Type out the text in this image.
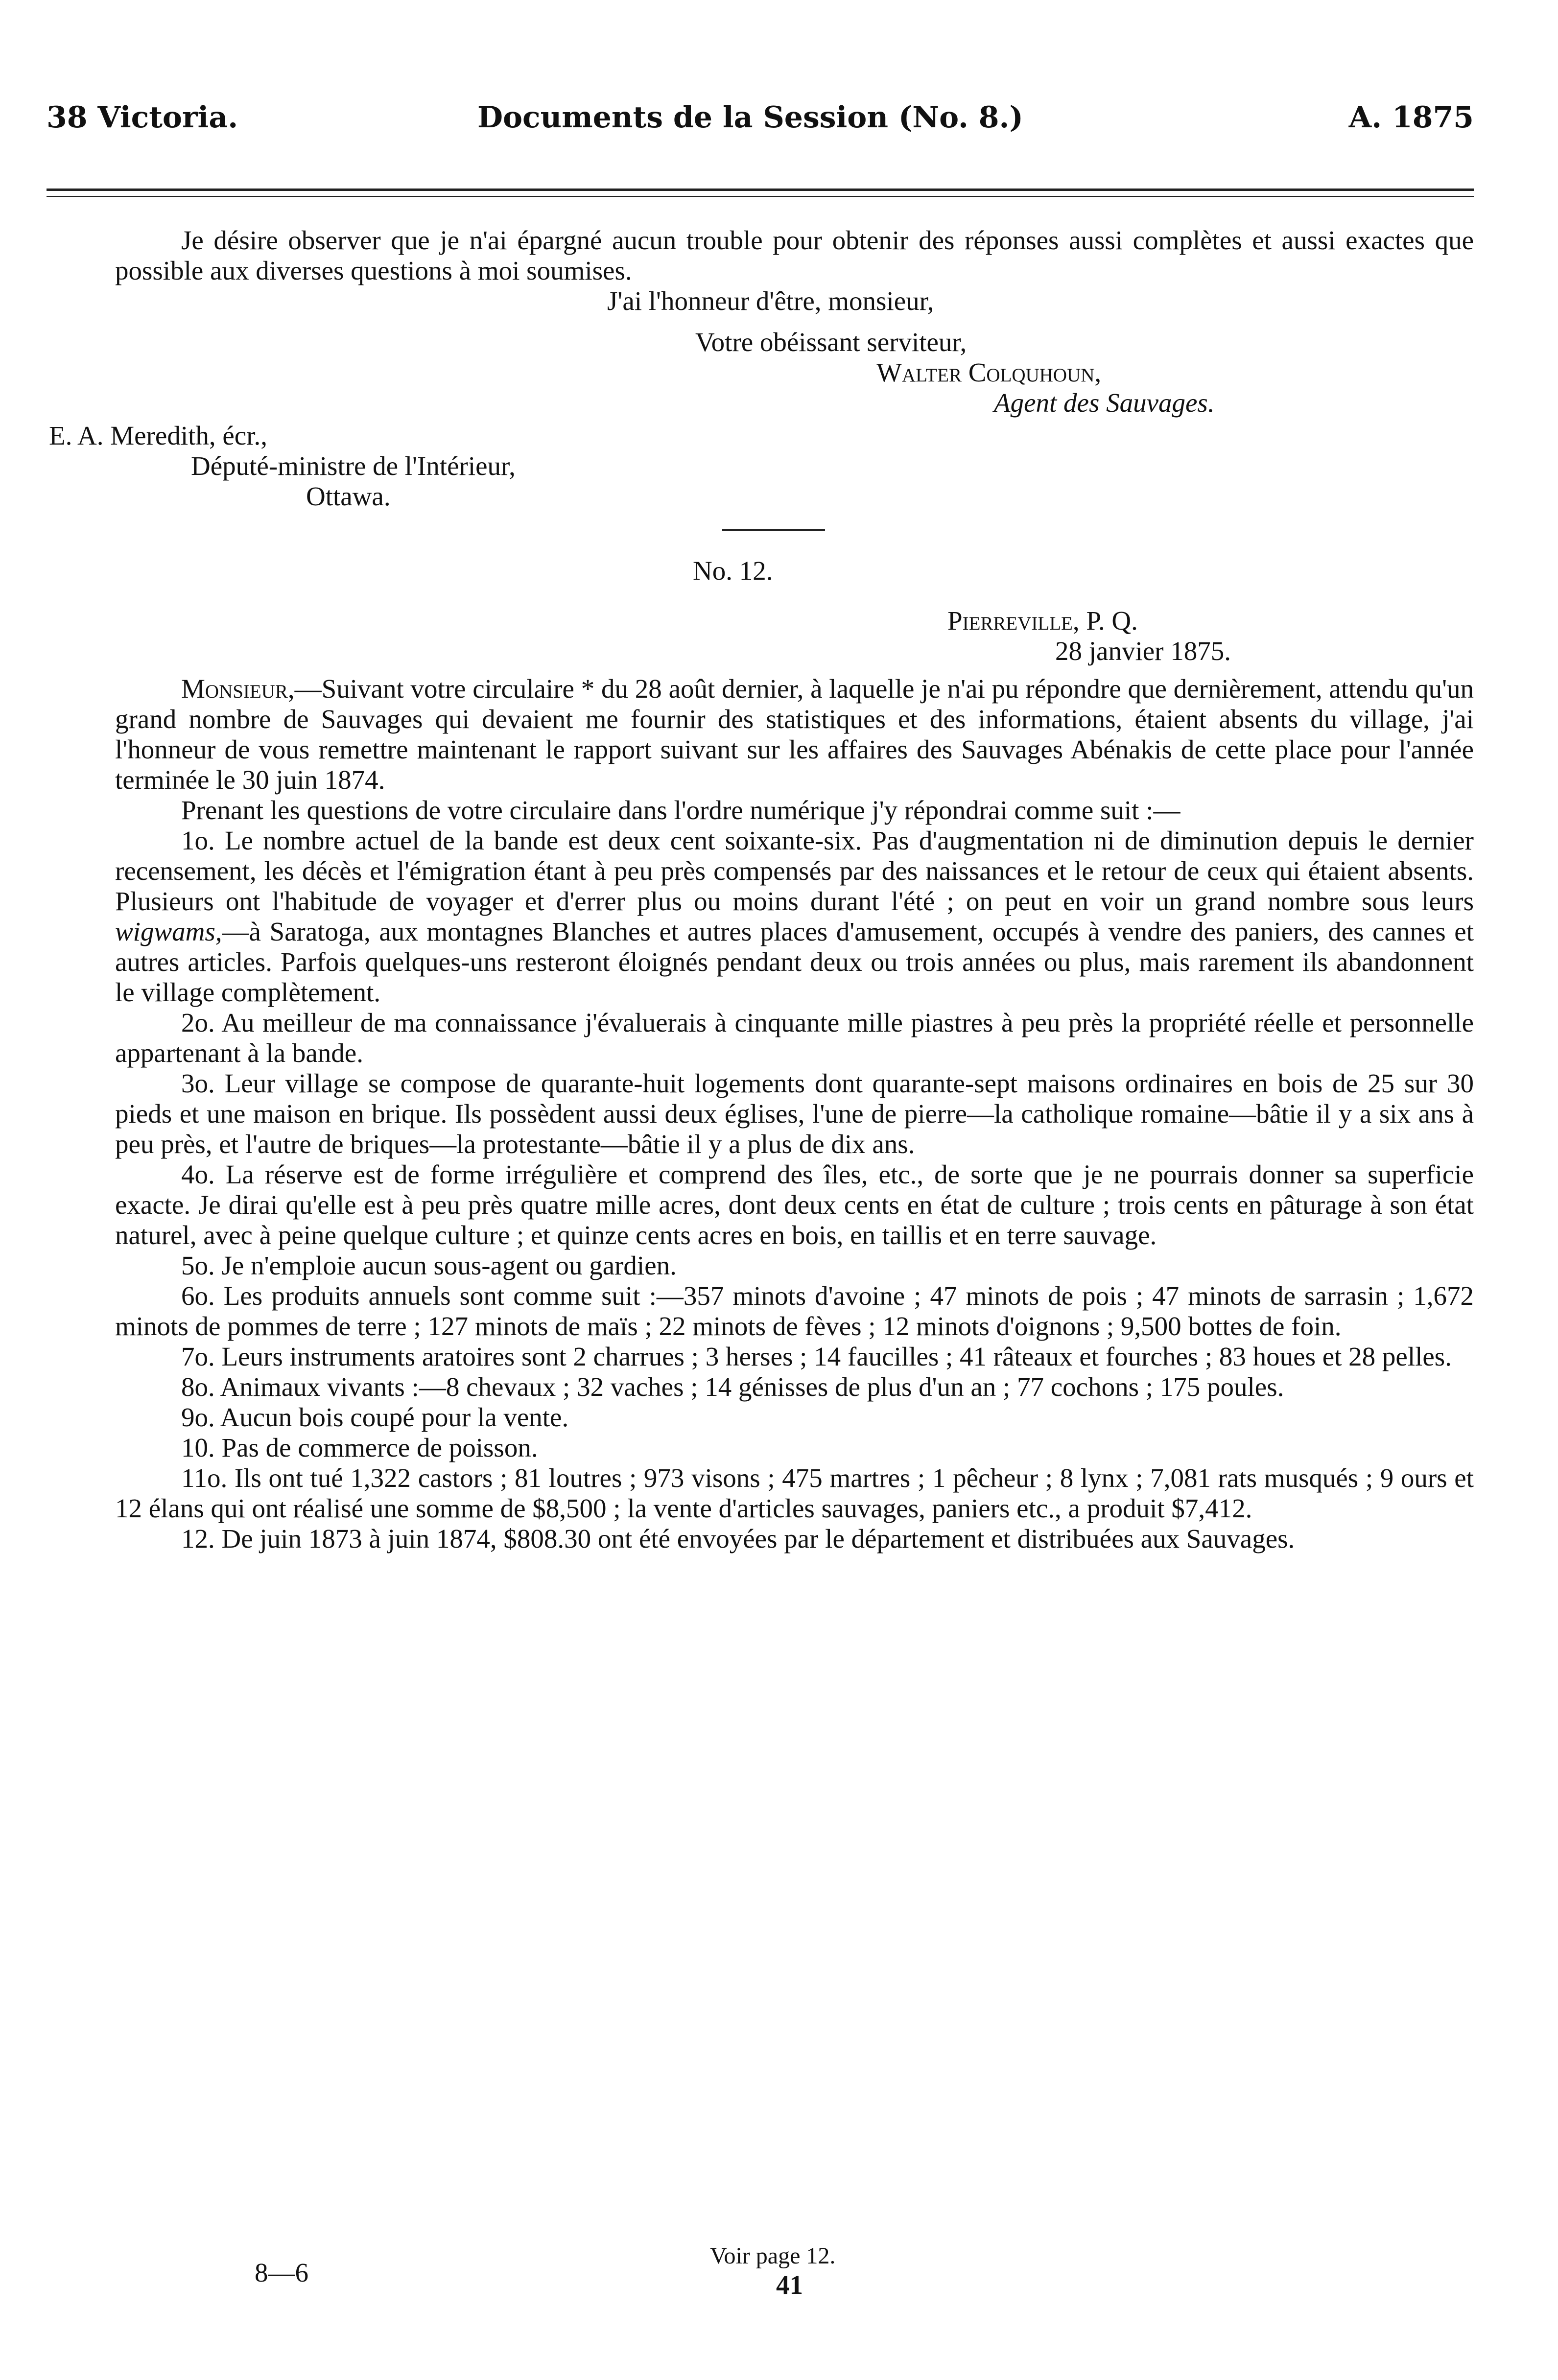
38 Victoria.	Documents de la Session (No. 8.)	A. 1875

Je désire observer que je n'ai épargné aucun trouble pour obtenir des réponses aussi complètes et aussi exactes que possible aux diverses questions à moi soumises.

J'ai l'honneur d'être, monsieur,

Votre obéissant serviteur,

Walter Colquhoun,

Agent des Sauvages.

E. A. Meredith, écr.,

Député-ministre de l'Intérieur,

Ottawa.

No. 12.

Pierreville, P. Q.

28 janvier 1875.

Monsieur,—Suivant votre circulaire * du 28 août dernier, à laquelle je n'ai pu répondre que dernièrement, attendu qu'un grand nombre de Sauvages qui devaient me fournir des statistiques et des informations, étaient absents du village, j'ai l'honneur de vous remettre maintenant le rapport suivant sur les affaires des Sauvages Abénakis de cette place pour l'année terminée le 30 juin 1874.

Prenant les questions de votre circulaire dans l'ordre numérique j'y répondrai comme suit :—

1o. Le nombre actuel de la bande est deux cent soixante-six. Pas d'augmentation ni de diminution depuis le dernier recensement, les décès et l'émigration étant à peu près compensés par des naissances et le retour de ceux qui étaient absents. Plusieurs ont l'habitude de voyager et d'errer plus ou moins durant l'été ; on peut en voir un grand nombre sous leurs wigwams,—à Saratoga, aux montagnes Blanches et autres places d'amusement, occupés à vendre des paniers, des cannes et autres articles. Parfois quelques-uns resteront éloignés pendant deux ou trois années ou plus, mais rarement ils abandonnent le village complètement.

2o. Au meilleur de ma connaissance j'évaluerais à cinquante mille piastres à peu près la propriété réelle et personnelle appartenant à la bande.

3o. Leur village se compose de quarante-huit logements dont quarante-sept maisons ordinaires en bois de 25 sur 30 pieds et une maison en brique. Ils possèdent aussi deux églises, l'une de pierre—la catholique romaine—bâtie il y a six ans à peu près, et l'autre de briques—la protestante—bâtie il y a plus de dix ans.

4o. La réserve est de forme irrégulière et comprend des îles, etc., de sorte que je ne pourrais donner sa superficie exacte. Je dirai qu'elle est à peu près quatre mille acres, dont deux cents en état de culture ; trois cents en pâturage à son état naturel, avec à peine quelque culture ; et quinze cents acres en bois, en taillis et en terre sauvage.

5o. Je n'emploie aucun sous-agent ou gardien.

6o. Les produits annuels sont comme suit :—357 minots d'avoine ; 47 minots de pois ; 47 minots de sarrasin ; 1,672 minots de pommes de terre ; 127 minots de maïs ; 22 minots de fèves ; 12 minots d'oignons ; 9,500 bottes de foin.

7o. Leurs instruments aratoires sont 2 charrues ; 3 herses ; 14 faucilles ; 41 râteaux et fourches ; 83 houes et 28 pelles.

8o. Animaux vivants :—8 chevaux ; 32 vaches ; 14 génisses de plus d'un an ; 77 cochons ; 175 poules.

9o. Aucun bois coupé pour la vente.

10. Pas de commerce de poisson.

11o. Ils ont tué 1,322 castors ; 81 loutres ; 973 visons ; 475 martres ; 1 pêcheur ; 8 lynx ; 7,081 rats musqués ; 9 ours et 12 élans qui ont réalisé une somme de $8,500 ; la vente d'articles sauvages, paniers etc., a produit $7,412.

12. De juin 1873 à juin 1874, $808.30 ont été envoyées par le département et distribuées aux Sauvages.

8—6
Voir page 12.
41
